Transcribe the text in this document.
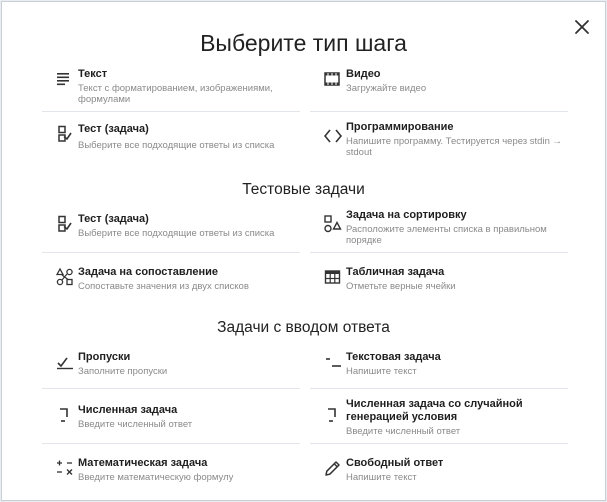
Выберите тип шага
Текст
Текст с форматированием, изображениями, формулами
Видео
Загружайте видео
Тест (задача)
Выберите все подходящие ответы из списка
Программирование
Напишите программу. Тестируется через stdin → stdout
Тестовые задачи
Тест (задача)
Выберите все подходящие ответы из списка
Задача на сортировку
Расположите элементы списка в правильном порядке
Задача на сопоставление
Сопоставьте значения из двух списков
Табличная задача
Отметьте верные ячейки
Задачи с вводом ответа
Пропуски
Заполните пропуски
Текстовая задача
Напишите текст
Численная задача
Введите численный ответ
Численная задача со случайной генерацией условия
Введите численный ответ
Математическая задача
Введите математическую формулу
Свободный ответ
Напишите текст
